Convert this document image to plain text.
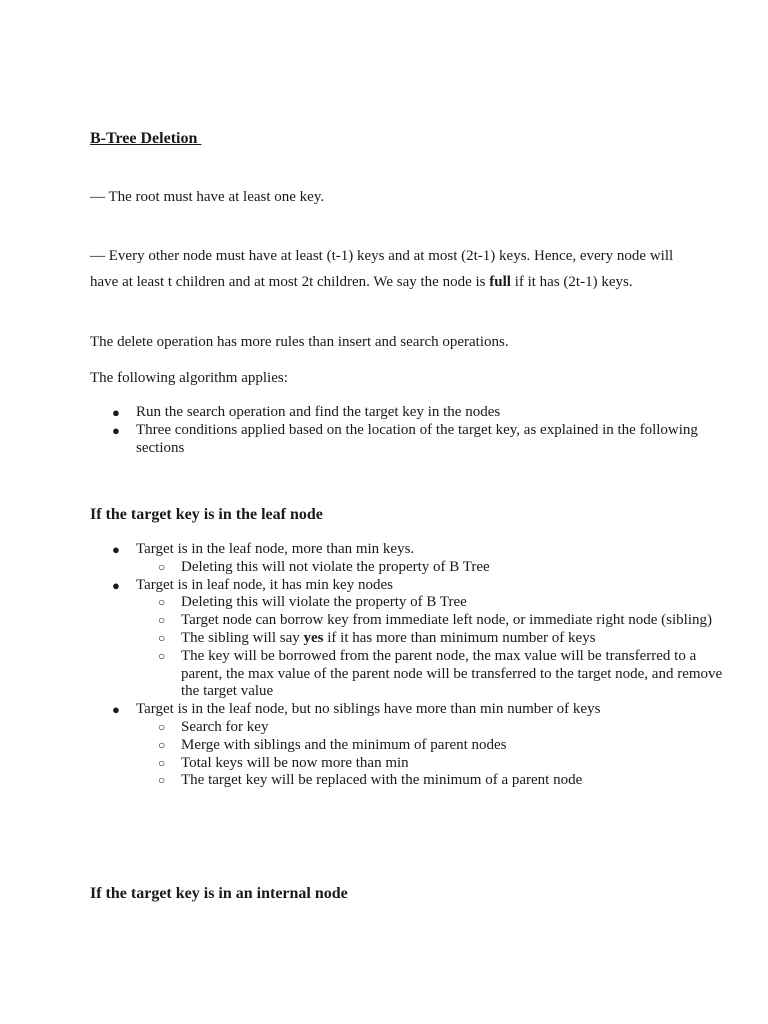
B-Tree Deletion

— The root must have at least one key.

— Every other node must have at least (t-1) keys and at most (2t-1) keys. Hence, every node will have at least t children and at most 2t children. We say the node is full if it has (2t-1) keys.

The delete operation has more rules than insert and search operations.

The following algorithm applies:

● Run the search operation and find the target key in the nodes
● Three conditions applied based on the location of the target key, as explained in the following sections
If the target key is in the leaf node
● Target is in the leaf node, more than min keys.
○ Deleting this will not violate the property of B Tree
● Target is in leaf node, it has min key nodes
○ Deleting this will violate the property of B Tree
○ Target node can borrow key from immediate left node, or immediate right node (sibling)
○ The sibling will say yes if it has more than minimum number of keys
○ The key will be borrowed from the parent node, the max value will be transferred to a parent, the max value of the parent node will be transferred to the target node, and remove the target value
● Target is in the leaf node, but no siblings have more than min number of keys
○ Search for key
○ Merge with siblings and the minimum of parent nodes
○ Total keys will be now more than min
○ The target key will be replaced with the minimum of a parent node
If the target key is in an internal node
